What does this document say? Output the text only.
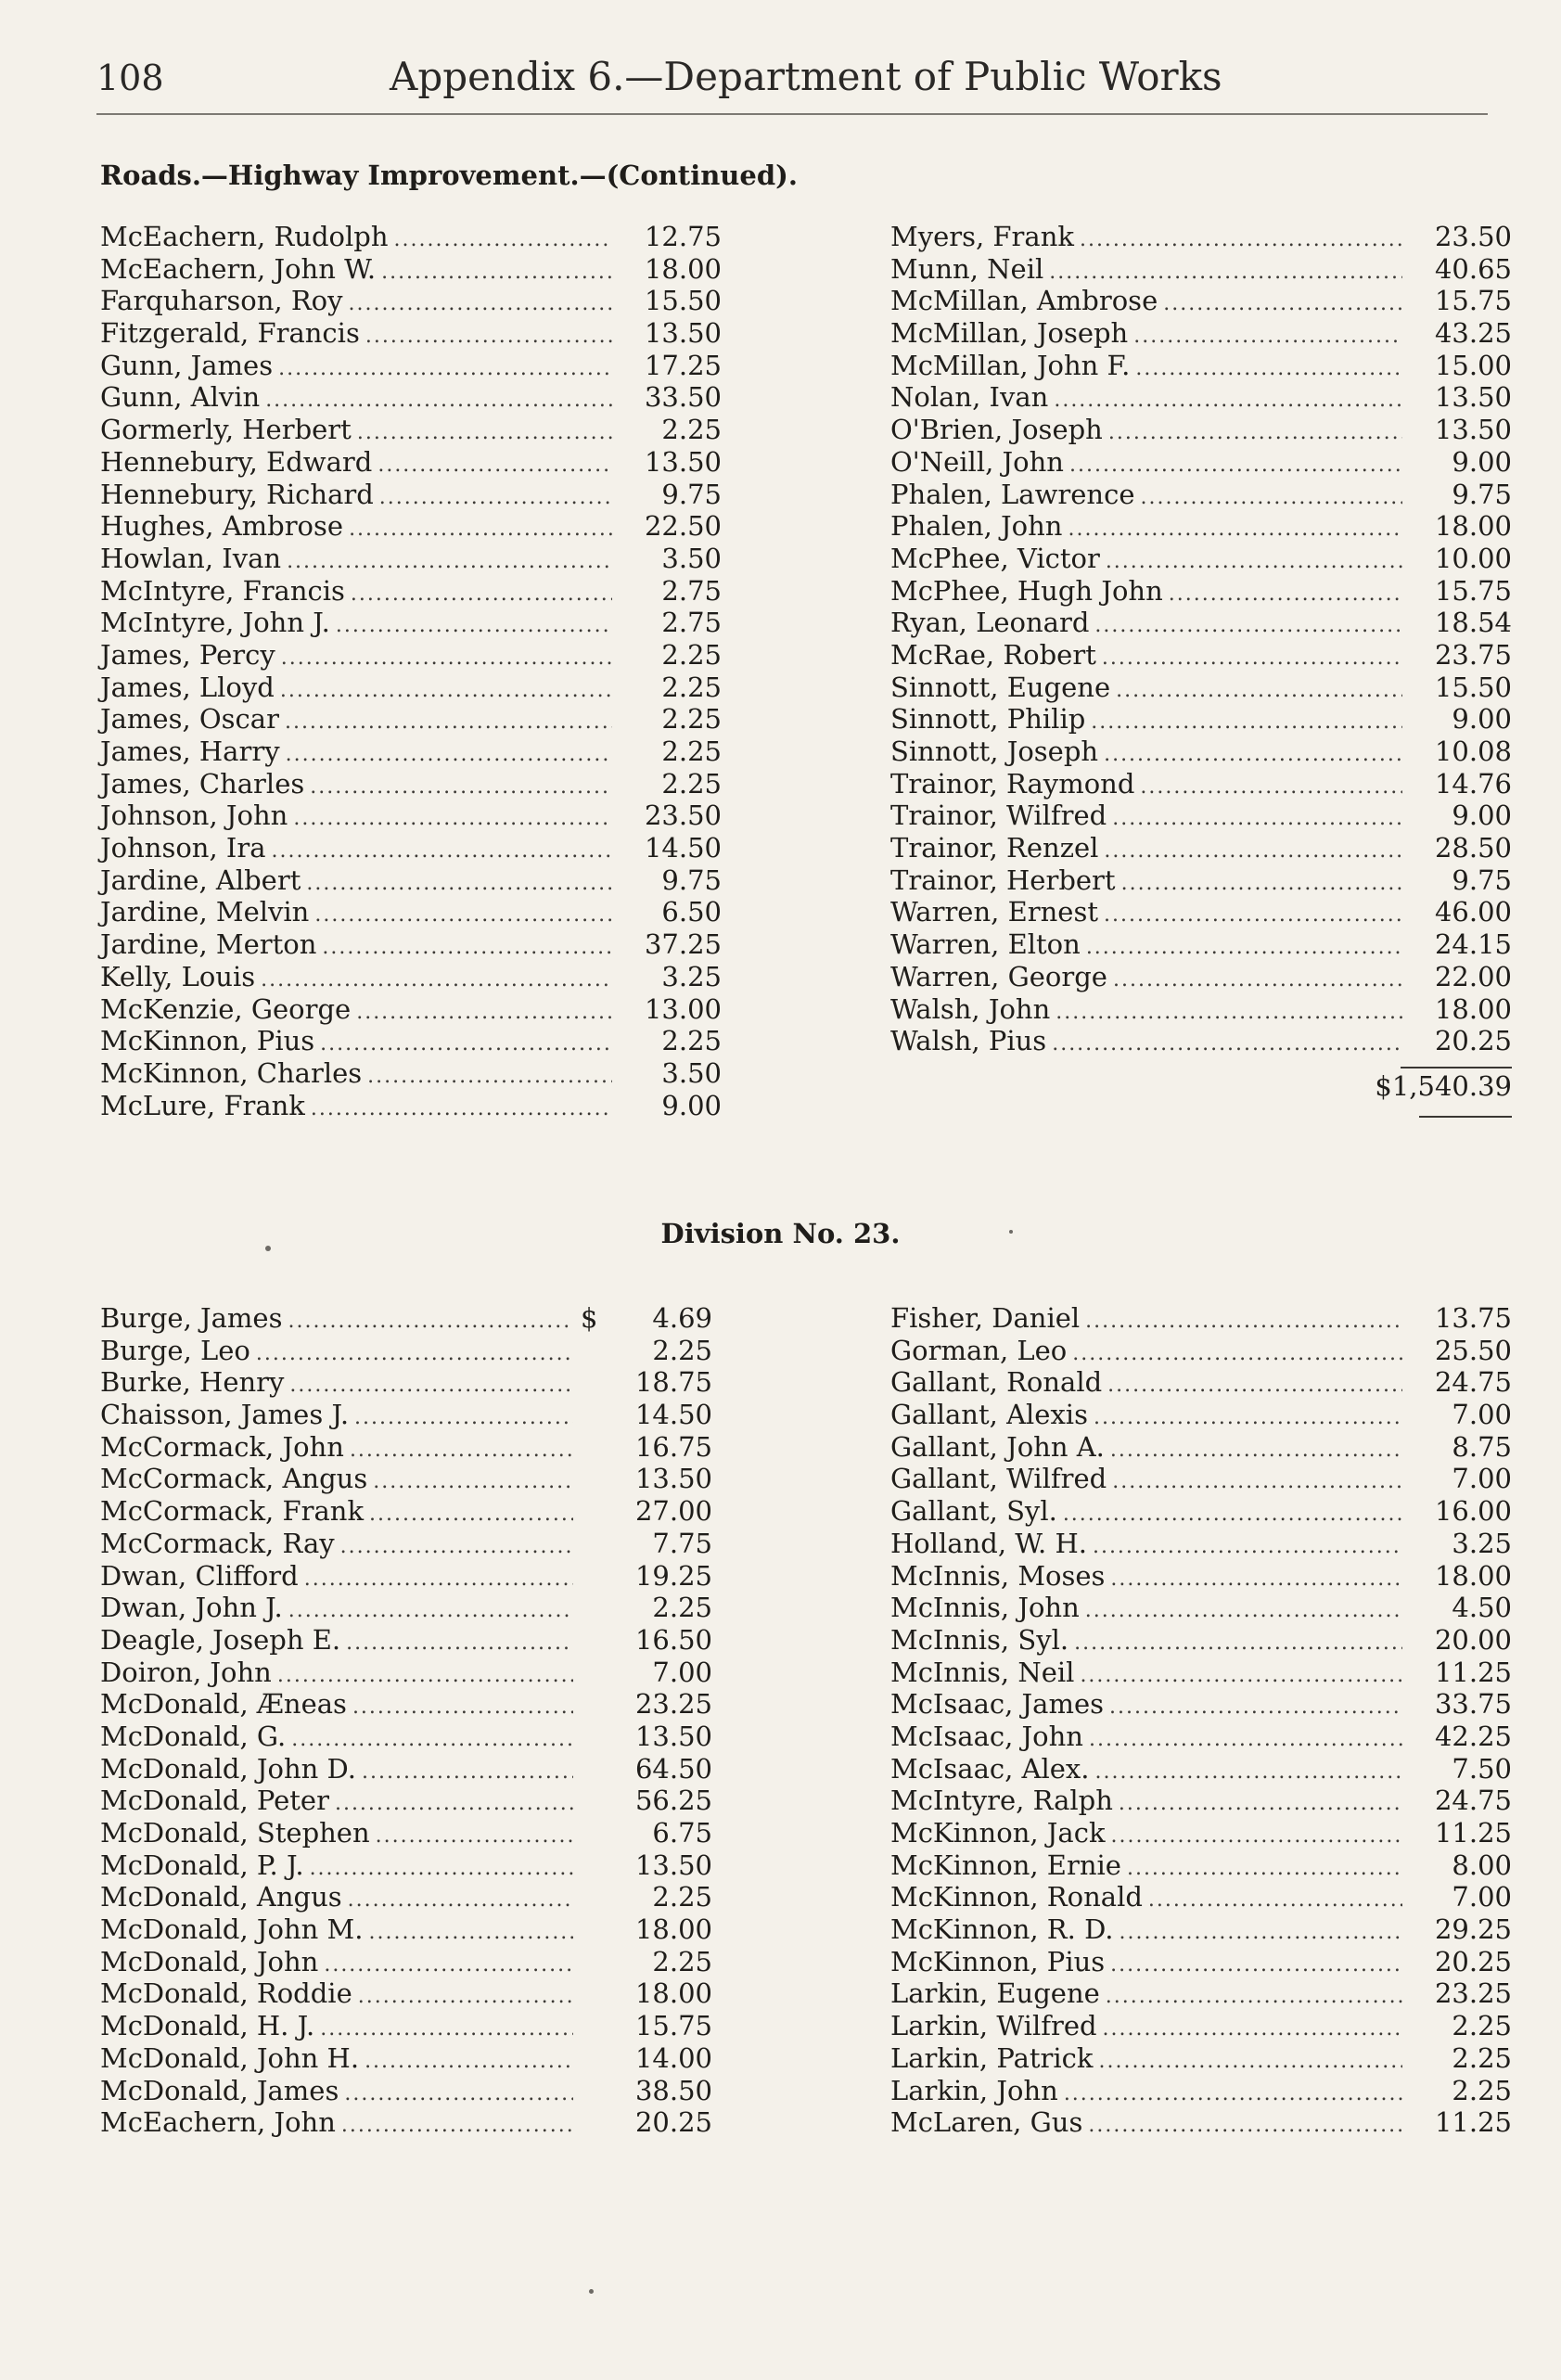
108	Appendix 6.—Department of Public Works
Roads.—Highway Improvement.—(Continued).
McEachern, Rudolph .....	12.75
McEachern, John W. .....	18.00
Farquharson, Roy .....	15.50
Fitzgerald, Francis .....	13.50
Gunn, James .....	17.25
Gunn, Alvin .....	33.50
Gormerly, Herbert .....	2.25
Hennebury, Edward .....	13.50
Hennebury, Richard .....	9.75
Hughes, Ambrose .....	22.50
Howlan, Ivan .....	3.50
McIntyre, Francis .....	2.75
McIntyre, John J. .....	2.75
James, Percy .....	2.25
James, Lloyd .....	2.25
James, Oscar .....	2.25
James, Harry .....	2.25
James, Charles .....	2.25
Johnson, John .....	23.50
Johnson, Ira .....	14.50
Jardine, Albert .....	9.75
Jardine, Melvin .....	6.50
Jardine, Merton .....	37.25
Kelly, Louis .....	3.25
McKenzie, George .....	13.00
McKinnon, Pius .....	2.25
McKinnon, Charles .....	3.50
McLure, Frank .....	9.00
Myers, Frank .....	23.50
Munn, Neil .....	40.65
McMillan, Ambrose .....	15.75
McMillan, Joseph .....	43.25
McMillan, John F. .....	15.00
Nolan, Ivan .....	13.50
O'Brien, Joseph .....	13.50
O'Neill, John .....	9.00
Phalen, Lawrence .....	9.75
Phalen, John .....	18.00
McPhee, Victor .....	10.00
McPhee, Hugh John .....	15.75
Ryan, Leonard .....	18.54
McRae, Robert .....	23.75
Sinnott, Eugene .....	15.50
Sinnott, Philip .....	9.00
Sinnott, Joseph .....	10.08
Trainor, Raymond .....	14.76
Trainor, Wilfred .....	9.00
Trainor, Renzel .....	28.50
Trainor, Herbert .....	9.75
Warren, Ernest .....	46.00
Warren, Elton .....	24.15
Warren, George .....	22.00
Walsh, John .....	18.00
Walsh, Pius .....	20.25
$1,540.39
Division No. 23.
Burge, James .....	$	4.69
Burge, Leo .....	2.25
Burke, Henry .....	18.75
Chaisson, James J. .....	14.50
McCormack, John .....	16.75
McCormack, Angus .....	13.50
McCormack, Frank .....	27.00
McCormack, Ray .....	7.75
Dwan, Clifford .....	19.25
Dwan, John J. .....	2.25
Deagle, Joseph E. .....	16.50
Doiron, John .....	7.00
McDonald, Æneas .....	23.25
McDonald, G. .....	13.50
McDonald, John D. .....	64.50
McDonald, Peter .....	56.25
McDonald, Stephen .....	6.75
McDonald, P. J. .....	13.50
McDonald, Angus .....	2.25
McDonald, John M. .....	18.00
McDonald, John .....	2.25
McDonald, Roddie .....	18.00
McDonald, H. J. .....	15.75
McDonald, John H. .....	14.00
McDonald, James .....	38.50
McEachern, John .....	20.25
Fisher, Daniel .....	13.75
Gorman, Leo .....	25.50
Gallant, Ronald .....	24.75
Gallant, Alexis .....	7.00
Gallant, John A. .....	8.75
Gallant, Wilfred .....	7.00
Gallant, Syl. .....	16.00
Holland, W. H. .....	3.25
McInnis, Moses .....	18.00
McInnis, John .....	4.50
McInnis, Syl. .....	20.00
McInnis, Neil .....	11.25
McIsaac, James .....	33.75
McIsaac, John .....	42.25
McIsaac, Alex. .....	7.50
McIntyre, Ralph .....	24.75
McKinnon, Jack .....	11.25
McKinnon, Ernie .....	8.00
McKinnon, Ronald .....	7.00
McKinnon, R. D. .....	29.25
McKinnon, Pius .....	20.25
Larkin, Eugene .....	23.25
Larkin, Wilfred .....	2.25
Larkin, Patrick .....	2.25
Larkin, John .....	2.25
McLaren, Gus .....	11.25
